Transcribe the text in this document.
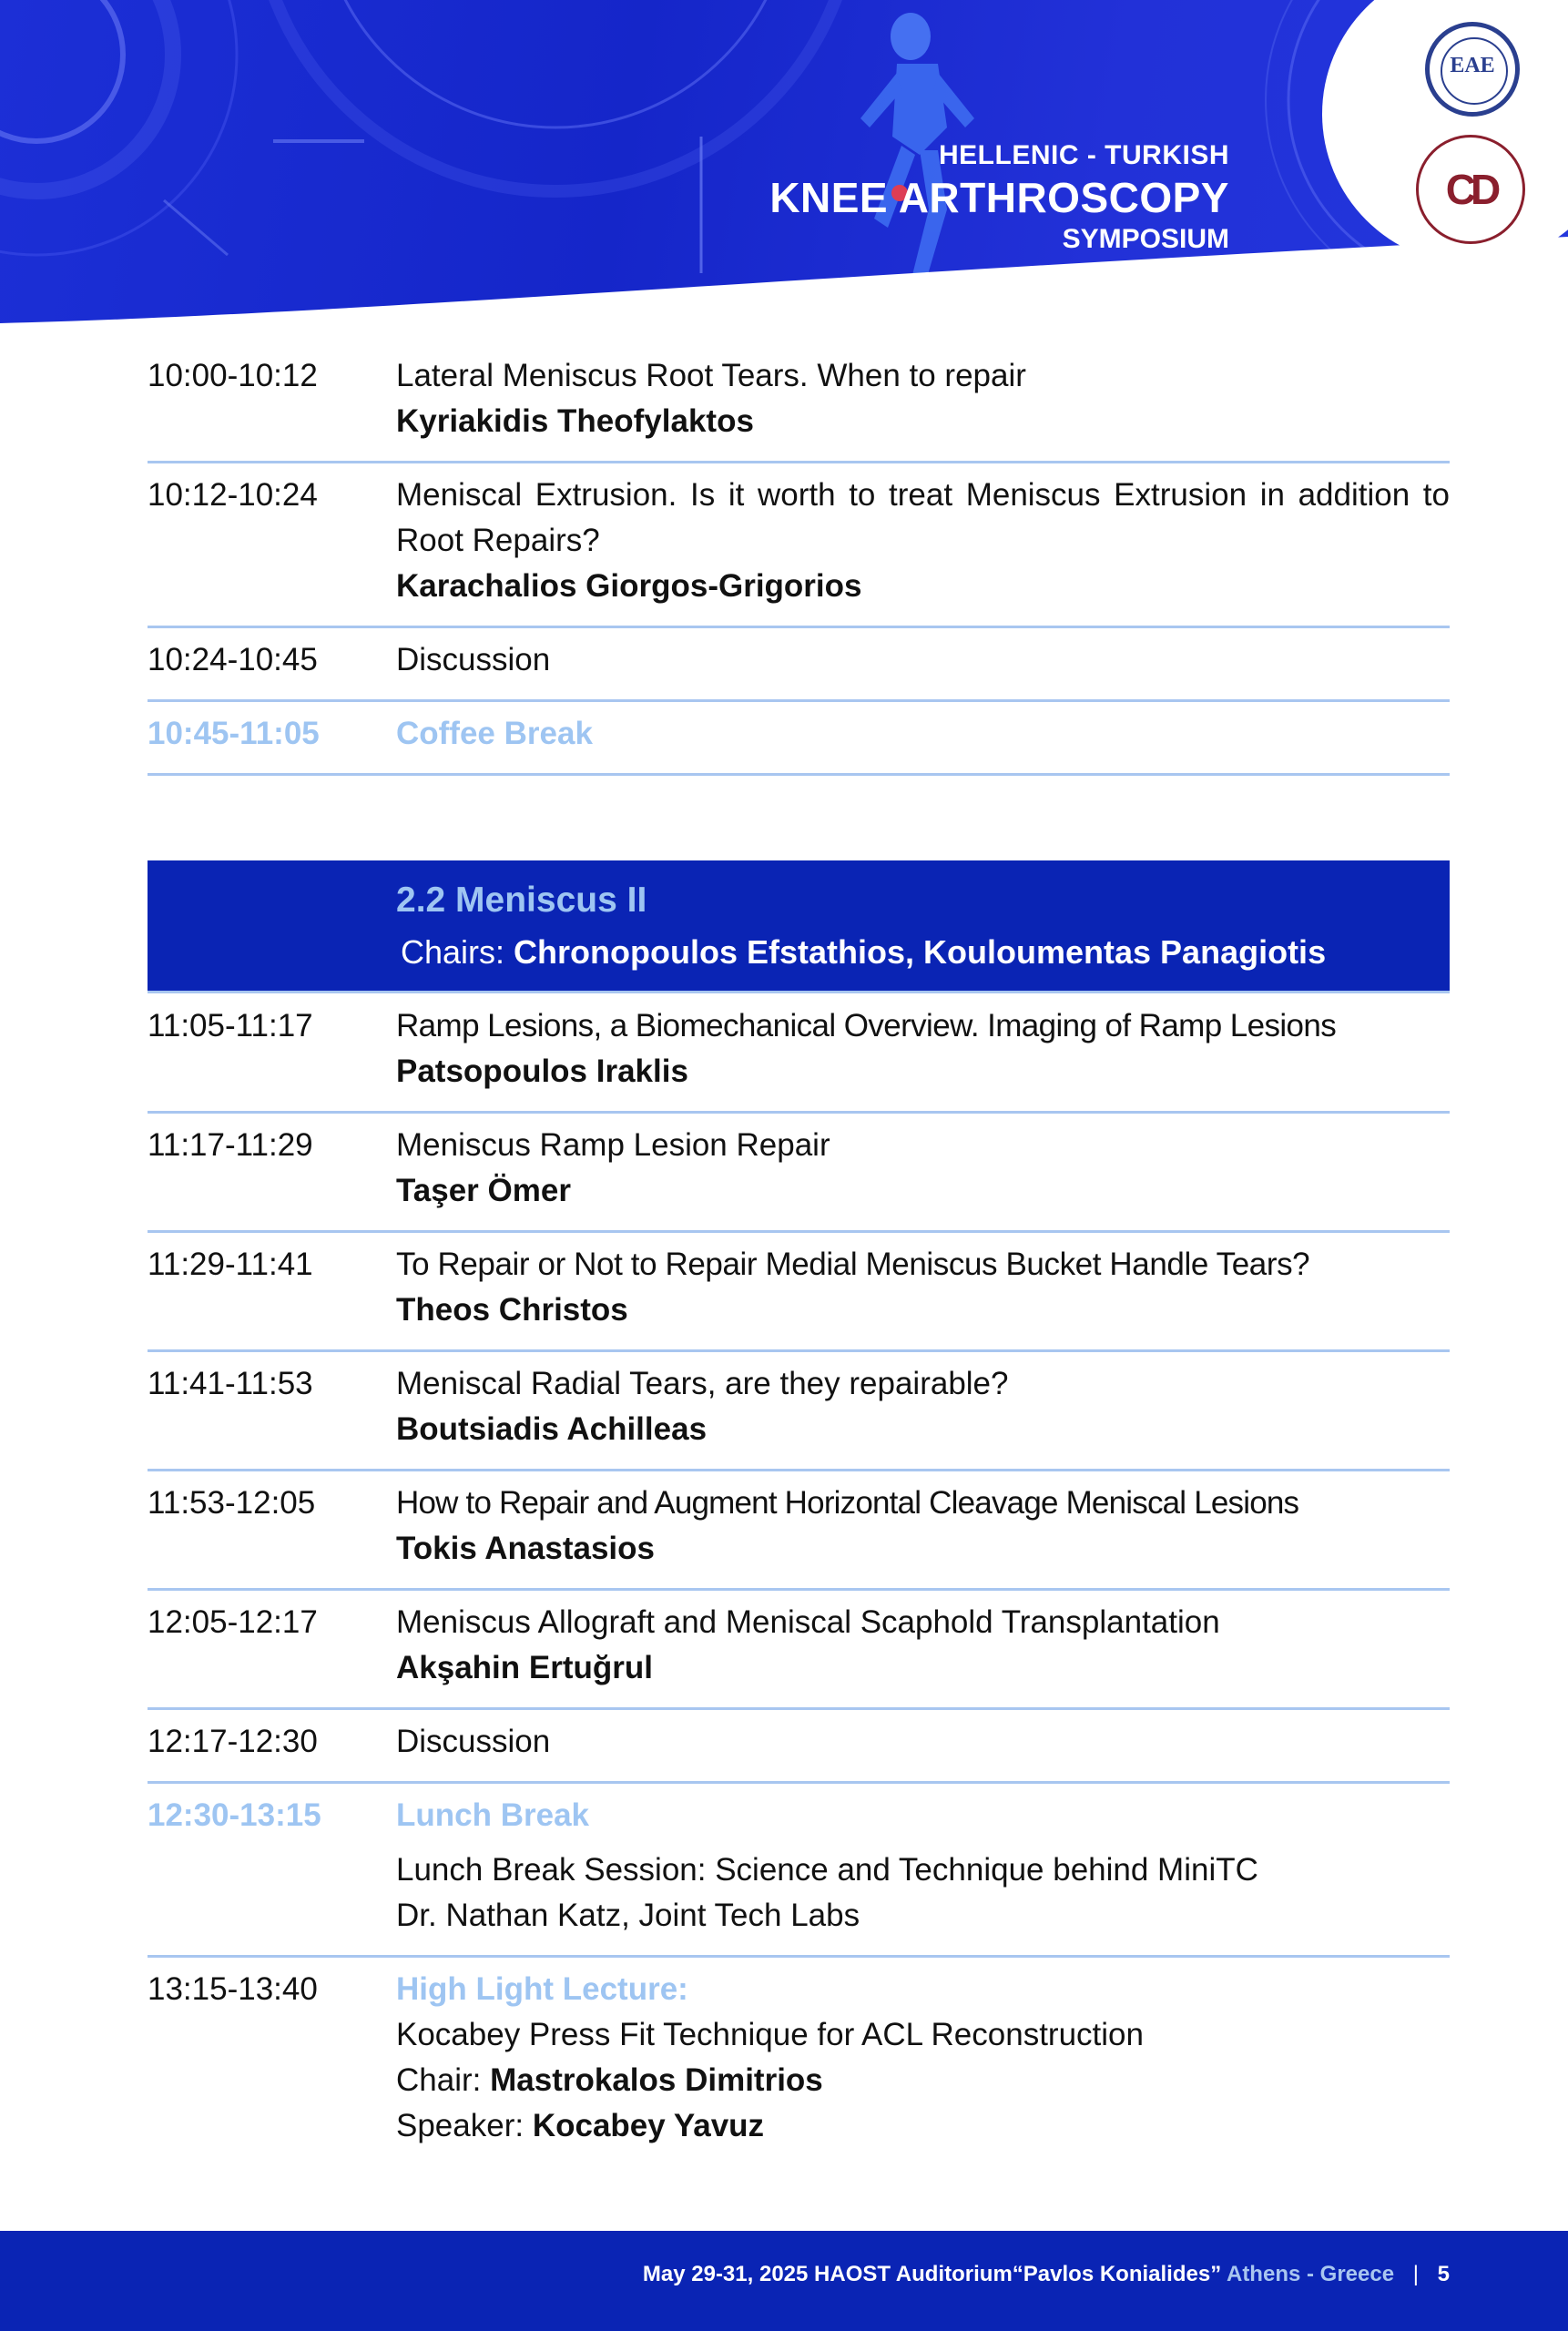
EAE
CD
HELLENIC - TURKISH
KNEE ARTHROSCOPY
SYMPOSIUM
10:00-10:12	Lateral Meniscus Root Tears. When to repair
Kyriakidis Theofylaktos
10:12-10:24	Meniscal Extrusion. Is it worth to treat Meniscus Extrusion in addition to Root Repairs?
Karachalios Giorgos-Grigorios
10:24-10:45	Discussion
10:45-11:05	Coffee Break
2.2 Meniscus II
Chairs: Chronopoulos Efstathios, Kouloumentas Panagiotis
11:05-11:17	Ramp Lesions, a Biomechanical Overview. Imaging of Ramp Lesions
Patsopoulos Iraklis
11:17-11:29	Meniscus Ramp Lesion Repair
Taşer Ömer
11:29-11:41	To Repair or Not to Repair Medial Meniscus Bucket Handle Tears?
Theos Christos
11:41-11:53	Meniscal Radial Tears, are they repairable?
Boutsiadis Achilleas
11:53-12:05	How to Repair and Augment Horizontal Cleavage Meniscal Lesions
Tokis Anastasios
12:05-12:17	Meniscus Allograft and Meniscal Scaphold Transplantation
Akşahin Ertuğrul
12:17-12:30	Discussion
12:30-13:15	Lunch Break
Lunch Break Session: Science and Technique behind MiniTC
Dr. Nathan Katz, Joint Tech Labs
13:15-13:40	High Light Lecture:
Kocabey Press Fit Technique for ACL Reconstruction
Chair: Mastrokalos Dimitrios
Speaker: Kocabey Yavuz
May 29-31, 2025 HAOST Auditorium“Pavlos Konialides” Athens - Greece | 5
